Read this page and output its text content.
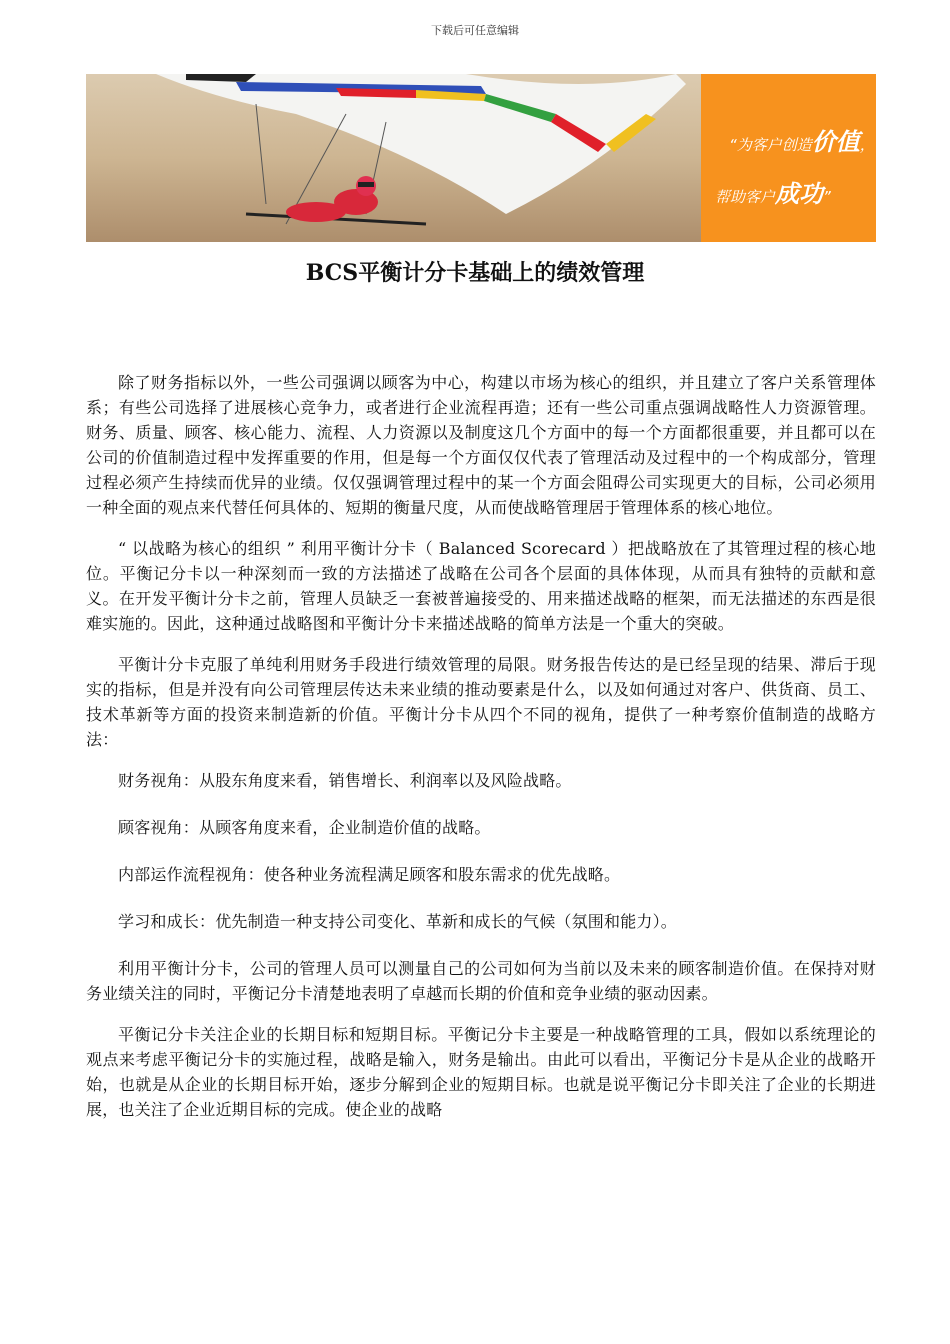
下载后可任意编辑
“为客户创造价值，
帮助客户成功”
BCS平衡计分卡基础上的绩效管理

除了财务指标以外，一些公司强调以顾客为中心，构建以市场为核心的组织，并且建立了客户关系管理体系；有些公司选择了进展核心竞争力，或者进行企业流程再造；还有一些公司重点强调战略性人力资源管理。财务、质量、顾客、核心能力、流程、人力资源以及制度这几个方面中的每一个方面都很重要，并且都可以在公司的价值制造过程中发挥重要的作用，但是每一个方面仅仅代表了管理活动及过程中的一个构成部分，管理过程必须产生持续而优异的业绩。仅仅强调管理过程中的某一个方面会阻碍公司实现更大的目标，公司必须用一种全面的观点来代替任何具体的、短期的衡量尺度，从而使战略管理居于管理体系的核心地位。

“ 以战略为核心的组织 ” 利用平衡计分卡（ Balanced Scorecard ）把战略放在了其管理过程的核心地位。平衡记分卡以一种深刻而一致的方法描述了战略在公司各个层面的具体体现，从而具有独特的贡献和意义。在开发平衡计分卡之前，管理人员缺乏一套被普遍接受的、用来描述战略的框架，而无法描述的东西是很难实施的。因此，这种通过战略图和平衡计分卡来描述战略的简单方法是一个重大的突破。

平衡计分卡克服了单纯利用财务手段进行绩效管理的局限。财务报告传达的是已经呈现的结果、滞后于现实的指标，但是并没有向公司管理层传达未来业绩的推动要素是什么，以及如何通过对客户、供货商、员工、技术革新等方面的投资来制造新的价值。平衡计分卡从四个不同的视角，提供了一种考察价值制造的战略方法：

财务视角：从股东角度来看，销售增长、利润率以及风险战略。

顾客视角：从顾客角度来看，企业制造价值的战略。

内部运作流程视角：使各种业务流程满足顾客和股东需求的优先战略。

学习和成长：优先制造一种支持公司变化、革新和成长的气候（氛围和能力）。

利用平衡计分卡，公司的管理人员可以测量自己的公司如何为当前以及未来的顾客制造价值。在保持对财务业绩关注的同时，平衡记分卡清楚地表明了卓越而长期的价值和竞争业绩的驱动因素。

平衡记分卡关注企业的长期目标和短期目标。平衡记分卡主要是一种战略管理的工具，假如以系统理论的观点来考虑平衡记分卡的实施过程，战略是输入，财务是输出。由此可以看出，平衡记分卡是从企业的战略开始，也就是从企业的长期目标开始，逐步分解到企业的短期目标。也就是说平衡记分卡即关注了企业的长期进展，也关注了企业近期目标的完成。使企业的战略
